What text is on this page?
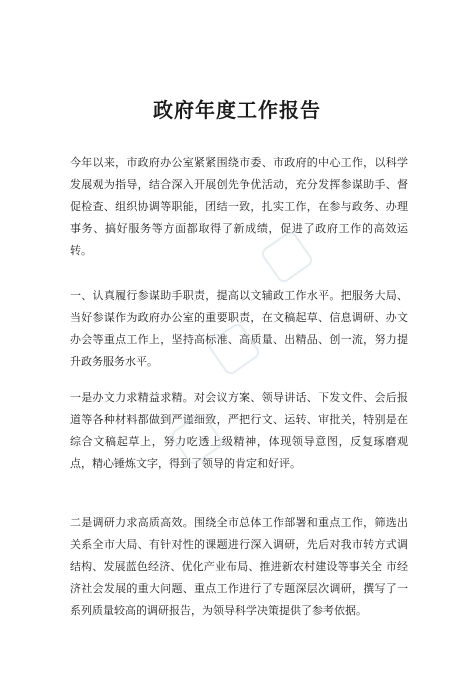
政府年度工作报告

今年以来，市政府办公室紧紧围绕市委、市政府的中心工作，以科学发展观为指导，结合深入开展创先争优活动，充分发挥参谋助手、督促检查、组织协调等职能，团结一致，扎实工作，在参与政务、办理事务、搞好服务等方面都取得了新成绩，促进了政府工作的高效运转。

一、认真履行参谋助手职责，提高以文辅政工作水平。把服务大局、当好参谋作为政府办公室的重要职责，在文稿起草、信息调研、办文办会等重点工作上，坚持高标准、高质量、出精品、创一流，努力提升政务服务水平。

一是办文力求精益求精。对会议方案、领导讲话、下发文件、会后报道等各种材料都做到严谨细致，严把行文、运转、审批关，特别是在综合文稿起草上，努力吃透上级精神，体现领导意图，反复琢磨观点，精心锤炼文字，得到了领导的肯定和好评。

二是调研力求高质高效。围绕全市总体工作部署和重点工作，筛选出关系全市大局、有针对性的课题进行深入调研，先后对我市转方式调结构、发展蓝色经济、优化产业布局、推进新农村建设等事关全 市经济社会发展的重大问题、重点工作进行了专题深层次调研，撰写了一系列质量较高的调研报告，为领导科学决策提供了参考依据。
